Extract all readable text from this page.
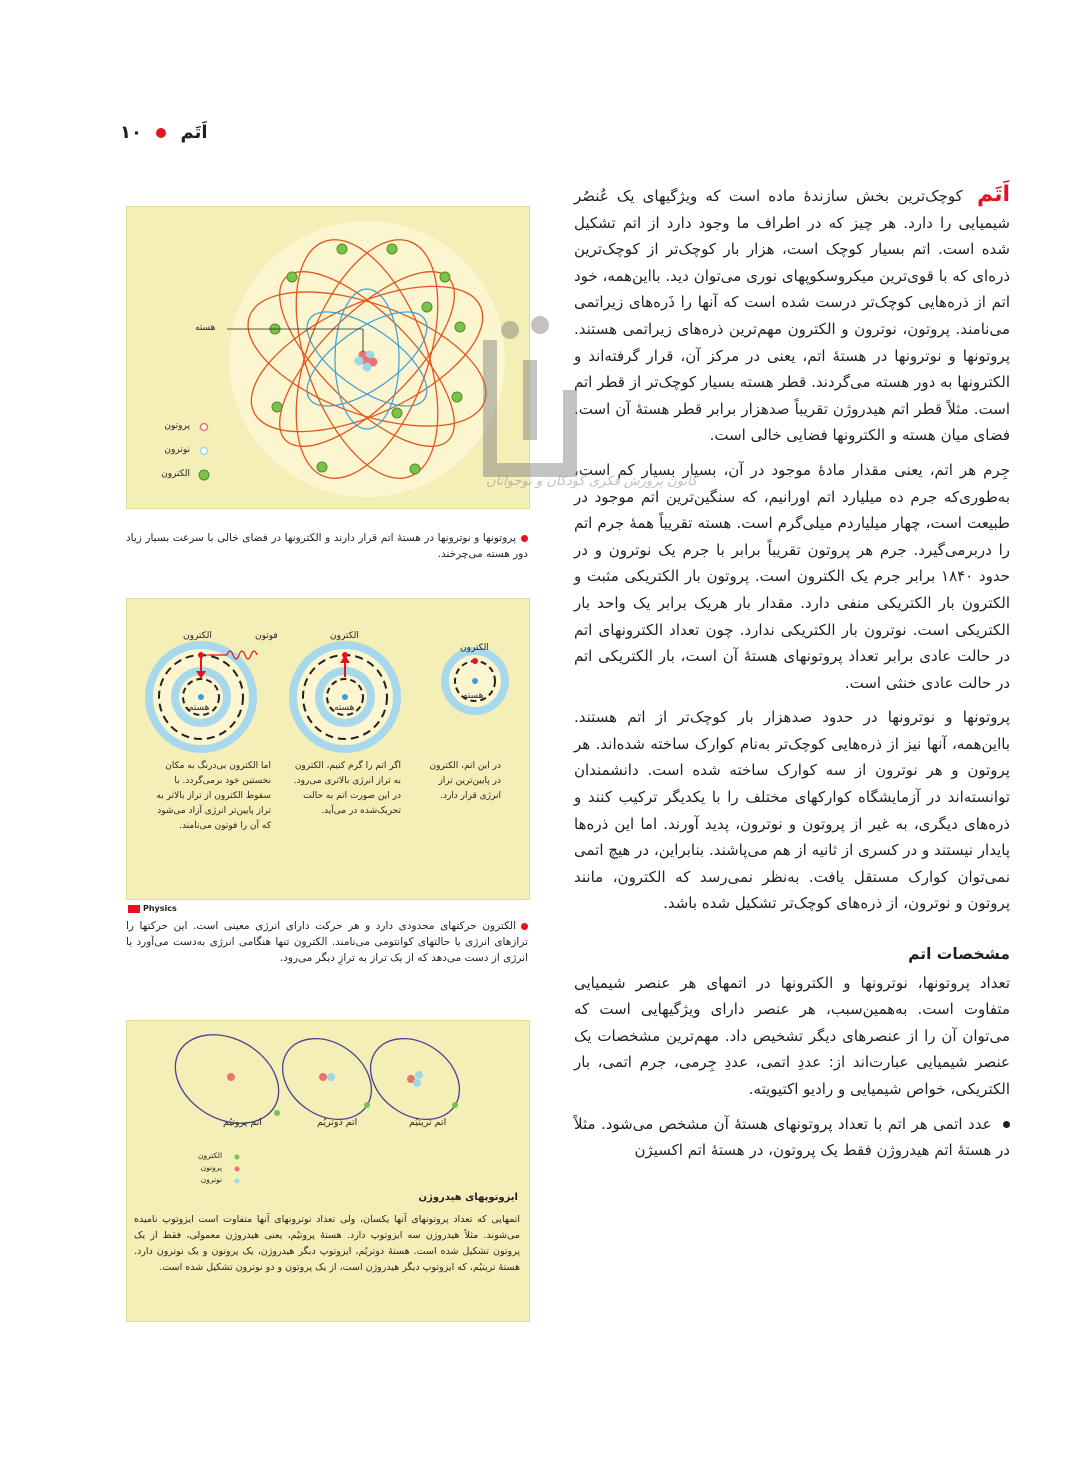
اَتَم  ۱۰

اَتَم کوچک‌ترین بخش سازندهٔ ماده است که ویژگیهای یک عُنصُر شیمیایی را دارد. هر چیز که در اطراف ما وجود دارد از اتم تشکیل شده است. اتم بسیار کوچک است، هزار بار کوچک‌تر از کوچک‌ترین ذره‌ای که با قوی‌ترین میکروسکوپهای نوری می‌توان دید. بااین‌همه، خود اتم از ذره‌هایی کوچک‌تر درست شده است که آنها را ذَره‌های زیراتمی می‌نامند. پروتون، نوترون و الکترون مهم‌ترین ذره‌های زیراتمی هستند. پروتونها و نوترونها در هستهٔ اتم، یعنی در مرکز آن، قرار گرفته‌اند و الکترونها به دور هسته می‌گردند. قطر هسته بسیار کوچک‌تر از قطر اتم است. مثلاً قطر اتم هیدروژن تقریباً صدهزار برابر قطر هستهٔ آن است. فضای میان هسته و الکترونها فضایی خالی است.

جِرم هر اتم، یعنی مقدار مادهٔ موجود در آن، بسیار بسیار کم است، به‌طوری‌که جرم ده میلیارد اتم اورانیم، که سنگین‌ترین اتم موجود در طبیعت است، چهار میلیاردم میلی‌گرم است. هسته تقریباً همهٔ جرم اتم را دربرمی‌گیرد. جرم هر پروتون تقریباً برابر با جرم یک نوترون و در حدود ۱۸۴۰ برابر جرم یک الکترون است. پروتون بار الکتریکی مثبت و الکترون بار الکتریکی منفی دارد. مقدار بار هریک برابر یک واحد بار الکتریکی است. نوترون بار الکتریکی ندارد. چون تعداد الکترونهای اتم در حالت عادی برابر تعداد پروتونهای هستهٔ آن است، بار الکتریکی اتم در حالت عادی خنثی است.

پروتونها و نوترونها در حدود صدهزار بار کوچک‌تر از اتم هستند. بااین‌همه، آنها نیز از ذره‌هایی کوچک‌تر به‌نام کوارک ساخته شده‌اند. هر پروتون و هر نوترون از سه کوارک ساخته شده است. دانشمندان توانسته‌اند در آزمایشگاه کوارکهای مختلف را با یکدیگر ترکیب کنند و ذره‌های دیگری، به غیر از پروتون و نوترون، پدید آورند. اما این ذره‌ها پایدار نیستند و در کسری از ثانیه از هم می‌پاشند. بنابراین، در هیچ اتمی نمی‌توان کوارک مستقل یافت. به‌نظر نمی‌رسد که الکترون، مانند پروتون و نوترون، از ذره‌های کوچک‌تر تشکیل شده باشد.

مشخصات اتم

تعداد پروتونها، نوترونها و الکترونها در اتمهای هر عنصر شیمیایی متفاوت است. به‌همین‌سبب، هر عنصر دارای ویژگیهایی است که می‌توان آن را از عنصرهای دیگر تشخیص داد. مهم‌ترین مشخصات یک عنصر شیمیایی عبارت‌اند از: عددِ اتمی، عددِ جِرمی، جرم اتمی، بار الکتریکی، خواص شیمیایی و رادیو اکتیویته.

عدد اتمی هر اتم با تعداد پروتونهای هستهٔ آن مشخص می‌شود. مثلاً در هستهٔ اتم هیدروژن فقط یک پروتون، در هستهٔ اتم اکسیژن

هسته
پروتون
نوترون
الکترون
پروتونها و نوترونها در هستهٔ اتم قرار دارند و الکترونها در فضای خالی با سرعت بسیار زیاد دور هسته می‌چرخند.
الکترون
هسته
الکترون
هسته
الکترون	فوتون
هسته
در این اتم، الکترون در پایین‌ترین تراز انرژی قرار دارد.
اگر اتم را گرم کنیم، الکترون به تراز انرژی بالاتری می‌رود. در این صورت اتم به حالت تحریک‌شده در می‌آید.
اما الکترون بی‌درنگ به مکان نخستین خود برمی‌گردد. با سقوط الکترون از تراز بالاتر به تراز پایین‌تر انرژی آزاد می‌شود که آن را فوتون می‌نامند.
Physics
الکترون حرکتهای محدودی دارد و هر حرکت دارای انرژی معینی است. این حرکتها را ترازهای انرژی یا حالتهای کوانتومی می‌نامند. الکترون تنها هنگامی انرژی به‌دست می‌آورد یا انرژی از دست می‌دهد که از یک تراز به ترازِ دیگر می‌رود.
اتم تریتیُم
اتم دوتریُم
اتم پروتیُم
الکترون
پروتون
نوترون
ایزوتوپهای هیدروژن
اتمهایی که تعداد پروتونهای آنها یکسان، ولی تعداد نوترونهای آنها متفاوت است ایزوتوپ نامیده می‌شوند. مثلاً هیدروژن سه ایزوتوپ دارد. هستهٔ پروتیُم، یعنی هیدروژن معمولی، فقط از یک پروتون تشکیل شده است. هستهٔ دوتریُم، ایزوتوپ دیگر هیدروژن، یک پروتون و یک نوترون دارد. هستهٔ تریتیُم، که ایزوتوپ دیگر هیدروژن است، از یک پروتون و دو نوترون تشکیل شده است.
کانون پرورش فکری کودکان و نوجوانان
